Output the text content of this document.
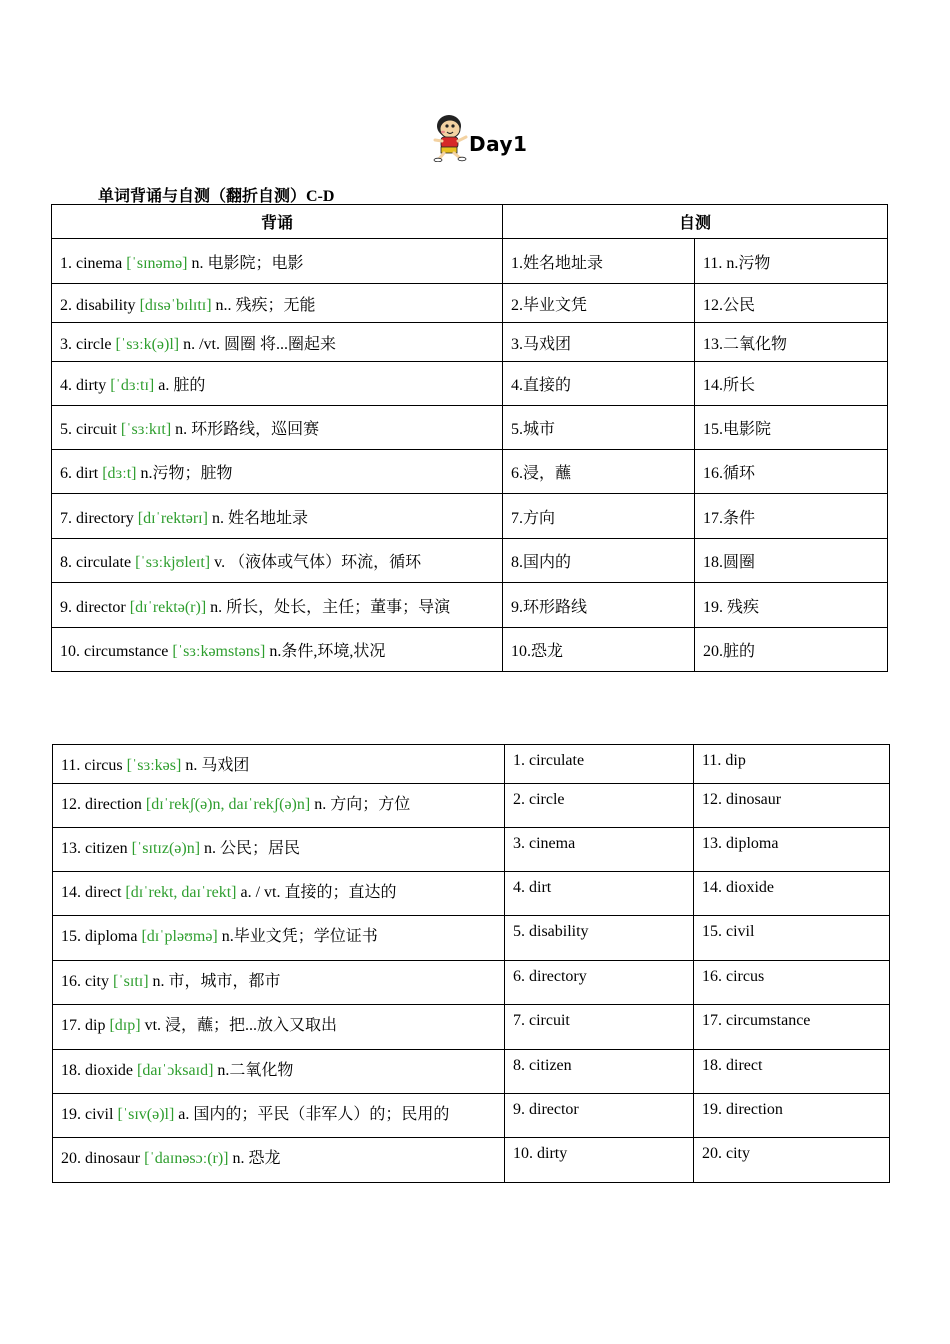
Day1
单词背诵与自测（翻折自测）C-D
背诵	自测	
1. cinema [ˈsɪnəmə] n. 电影院；电影	1.姓名地址录	11. n.污物
2. disability [dɪsəˈbɪlɪtɪ] n.. 残疾；无能	2.毕业文凭	12.公民
3. circle [ˈsɜːk(ə)l] n. /vt. 圆圈 将...圈起来	3.马戏团	13.二氧化物
4. dirty [ˈdɜːtɪ] a. 脏的	4.直接的	14.所长
5. circuit [ˈsɜːkɪt] n. 环形路线，巡回赛	5.城市	15.电影院
6. dirt [dɜːt] n.污物；脏物	6.浸，蘸	16.循环
7. directory [dɪˈrektərɪ] n. 姓名地址录	7.方向	17.条件
8. circulate [ˈsɜːkjʊleɪt] v. （液体或气体）环流，循环	8.国内的	18.圆圈
9. director [dɪˈrektə(r)] n. 所长，处长，主任；董事；导演	9.环形路线	19. 残疾
10. circumstance [ˈsɜːkəmstəns] n.条件,环境,状况	10.恐龙	20.脏的
11. circus [ˈsɜːkəs] n. 马戏团	1. circulate	11. dip
12. direction [dɪˈrekʃ(ə)n, daɪˈrekʃ(ə)n] n. 方向；方位	2. circle	12. dinosaur
13. citizen [ˈsɪtɪz(ə)n] n. 公民；居民	3. cinema	13. diploma
14. direct [dɪˈrekt, daɪˈrekt] a. / vt. 直接的；直达的	4. dirt	14. dioxide
15. diploma [dɪˈpləʊmə] n.毕业文凭；学位证书	5. disability	15. civil
16. city [ˈsɪtɪ] n. 市，城市，都市	6. directory	16. circus
17. dip [dɪp] vt. 浸，蘸；把...放入又取出	7. circuit	17. circumstance
18. dioxide [daɪˈɔksaɪd] n.二氧化物	8. citizen	18. direct
19. civil [ˈsɪv(ə)l] a. 国内的；平民（非军人）的；民用的	9. director	19. direction
20. dinosaur [ˈdaɪnəsɔː(r)] n. 恐龙	10. dirty	20. city
